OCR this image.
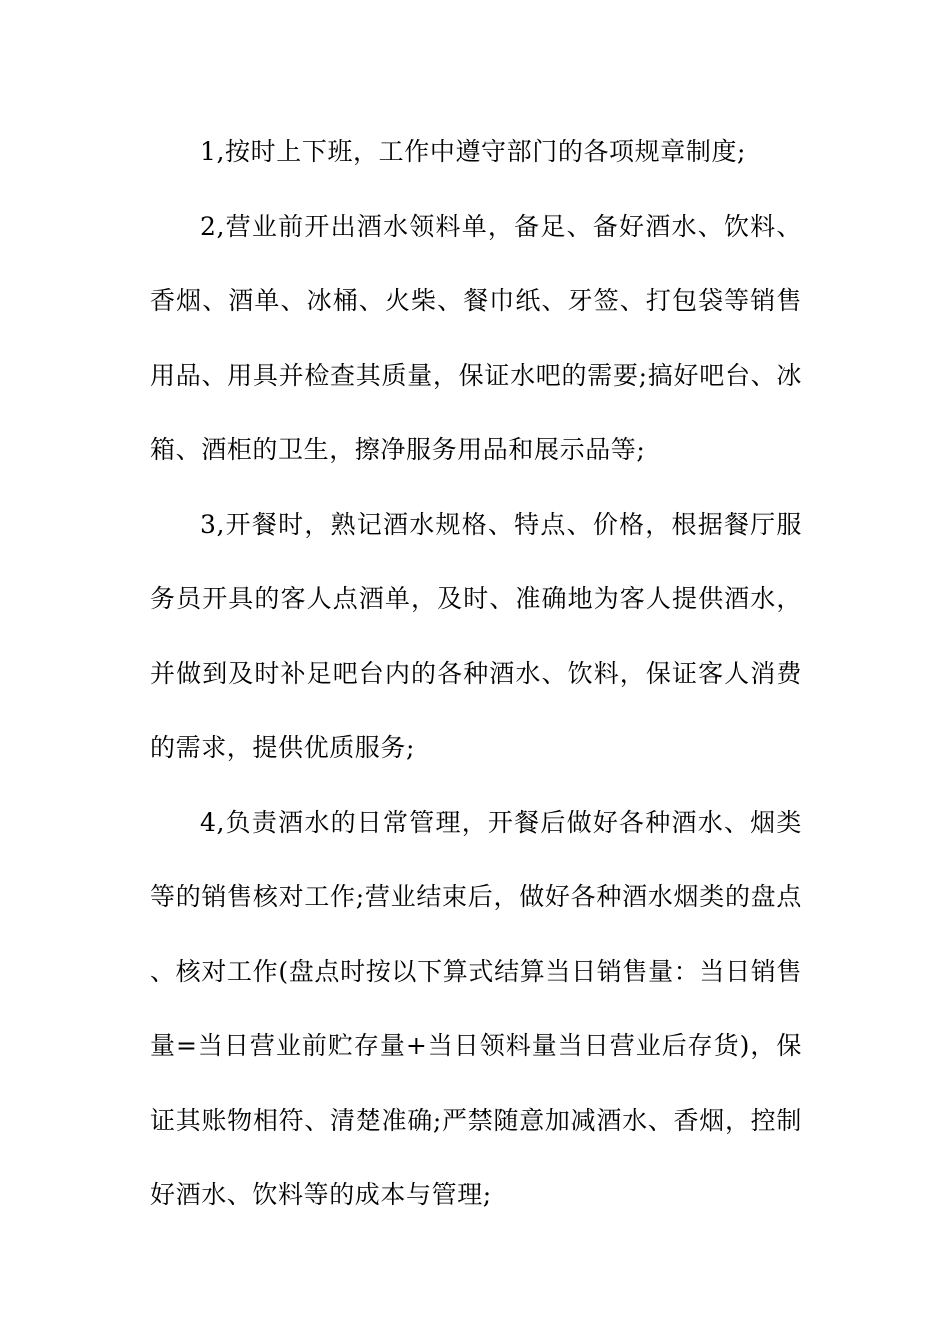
1,按时上下班，工作中遵守部门的各项规章制度;

2,营业前开出酒水领料单，备足、备好酒水、饮料、香烟、酒单、冰桶、火柴、餐巾纸、牙签、打包袋等销售用品、用具并检查其质量，保证水吧的需要;搞好吧台、冰箱、酒柜的卫生，擦净服务用品和展示品等;

3,开餐时，熟记酒水规格、特点、价格，根据餐厅服务员开具的客人点酒单，及时、准确地为客人提供酒水，并做到及时补足吧台内的各种酒水、饮料，保证客人消费的需求，提供优质服务;

4,负责酒水的日常管理，开餐后做好各种酒水、烟类等的销售核对工作;营业结束后，做好各种酒水烟类的盘点、核对工作(盘点时按以下算式结算当日销售量：当日销售量=当日营业前贮存量+当日领料量当日营业后存货)，保证其账物相符、清楚准确;严禁随意加减酒水、香烟，控制好酒水、饮料等的成本与管理;
